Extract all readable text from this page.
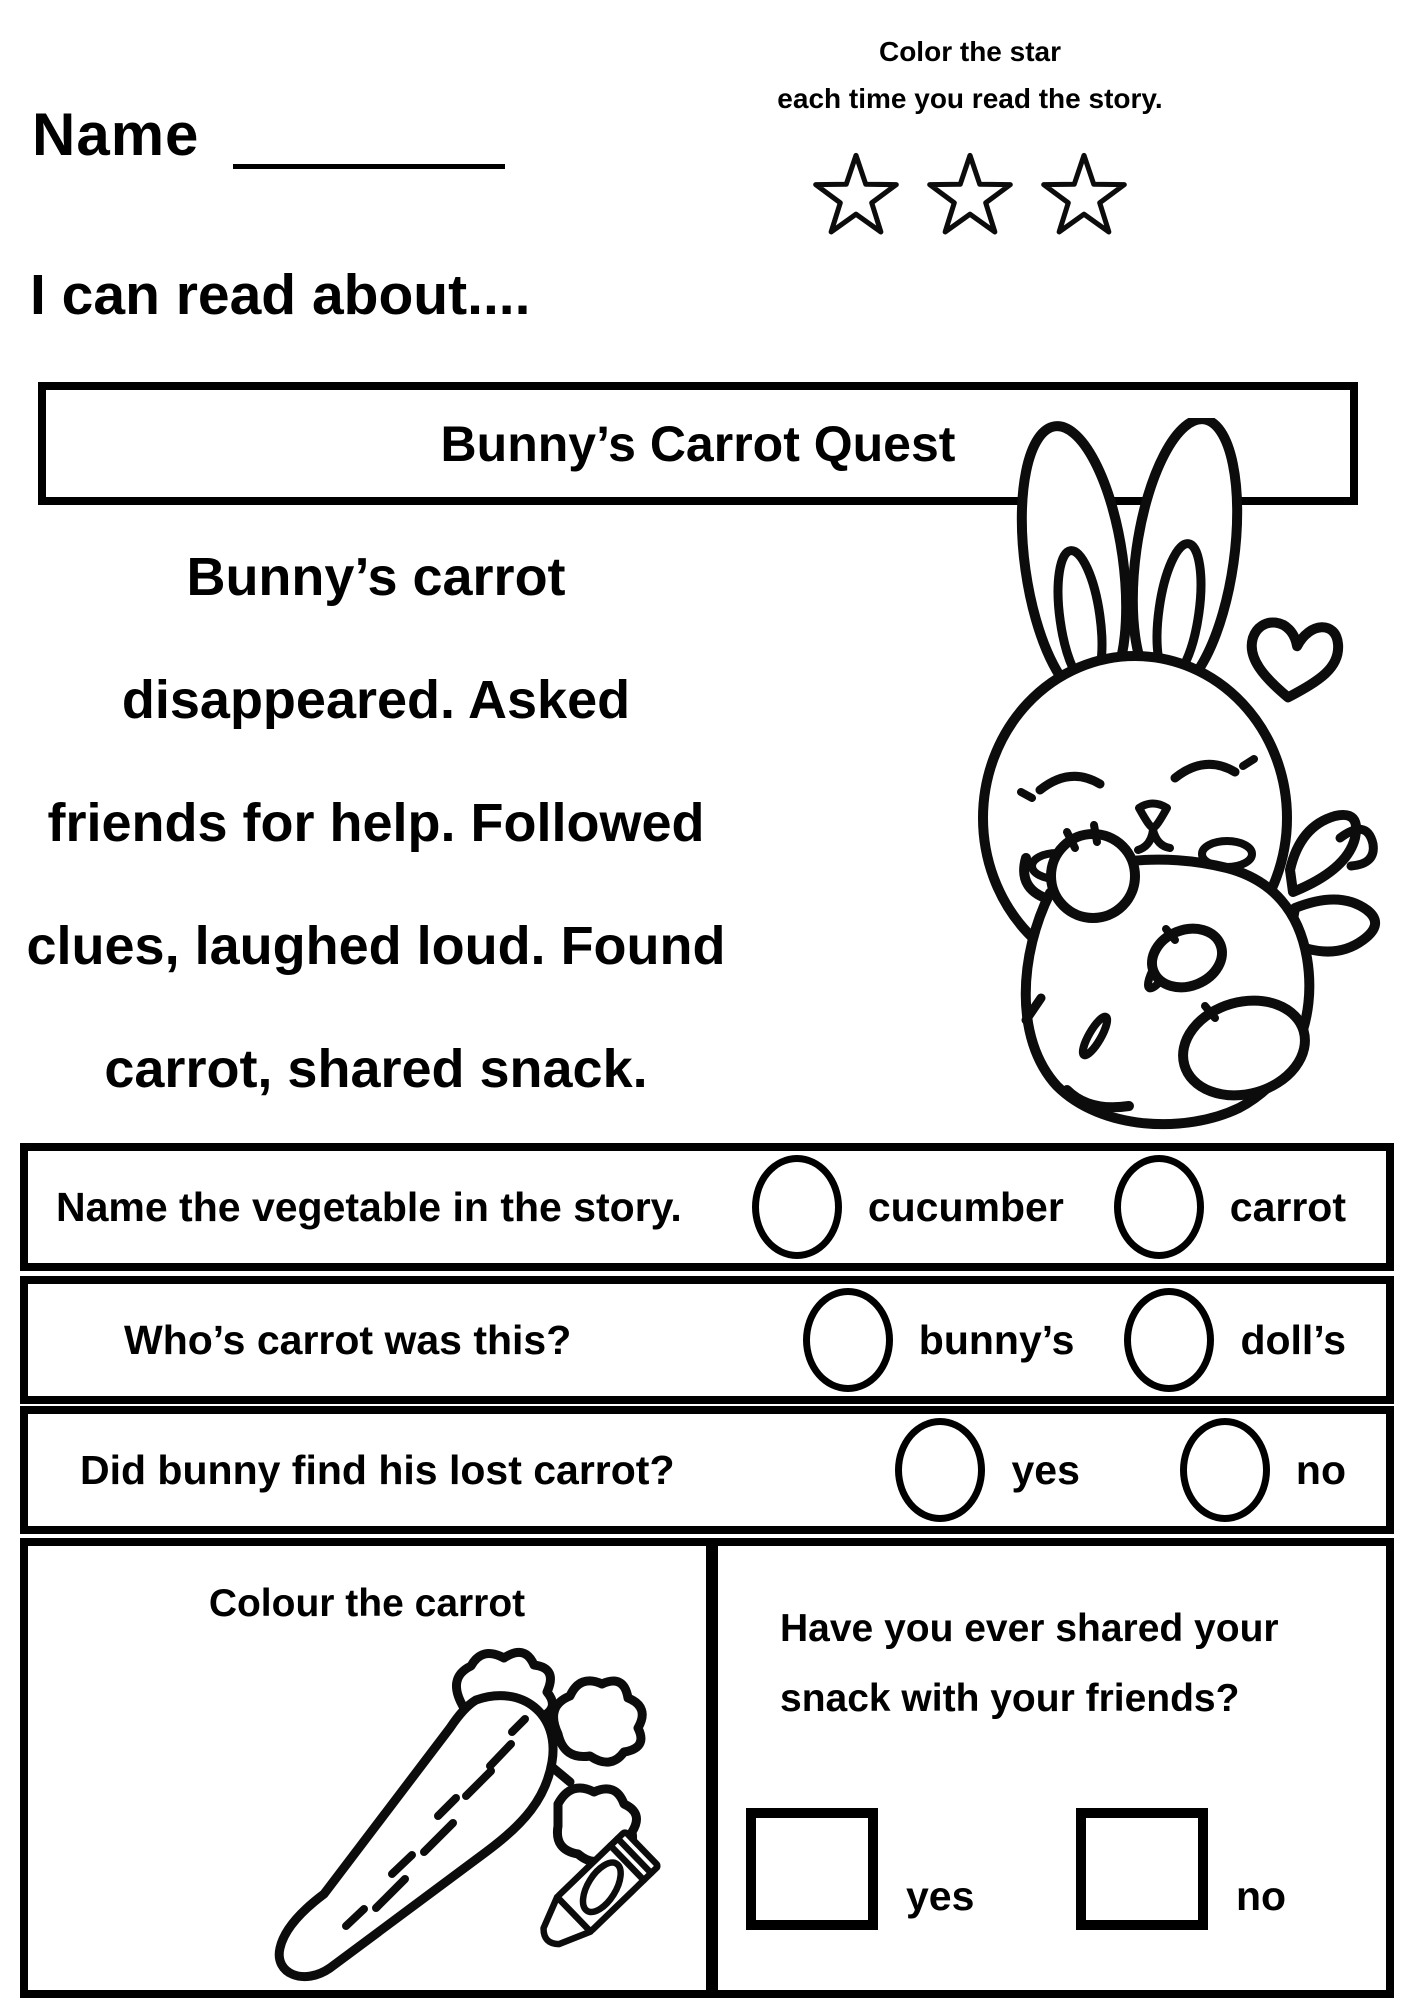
Name
Color the star
each time you read the story.
I can read about....
Bunny’s Carrot Quest
Bunny’s carrot
disappeared. Asked
friends for help. Followed
clues, laughed loud. Found
carrot, shared snack.
Name the vegetable in the story.	cucumber	carrot
Who’s carrot was this?	bunny’s	doll’s
Did bunny find his lost carrot?	yes	no
Colour the carrot
Have you ever shared your snack with your friends?
yes	no
